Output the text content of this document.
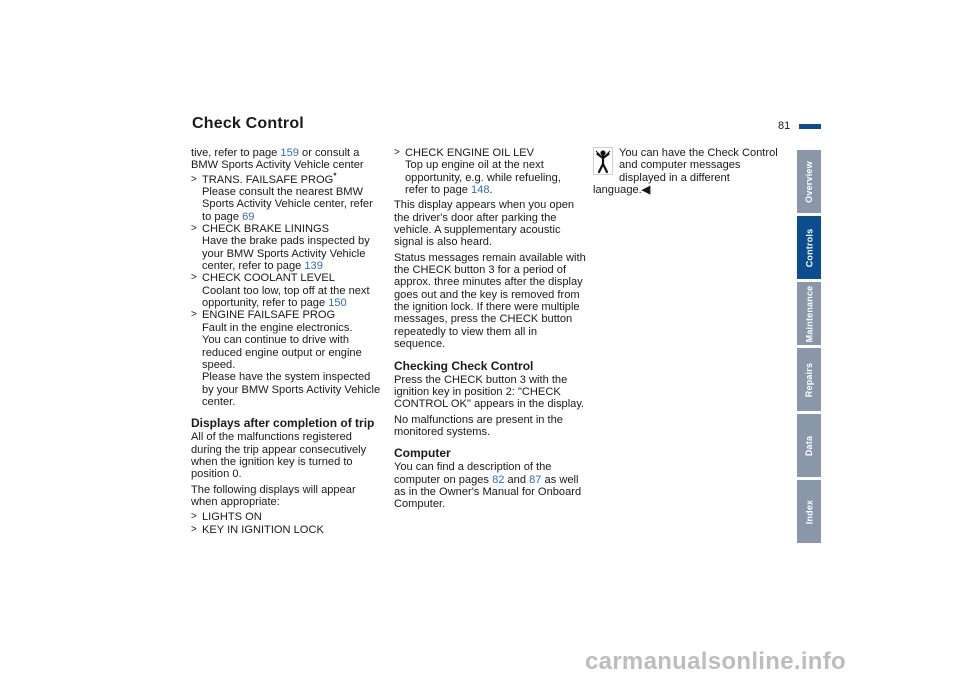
Check Control	81

tive, refer to page 159 or consult a BMW Sports Activity Vehicle center

> TRANS. FAILSAFE PROG*
Please consult the nearest BMW Sports Activity Vehicle center, refer to page 69
> CHECK BRAKE LININGS
Have the brake pads inspected by your BMW Sports Activity Vehicle center, refer to page 139
> CHECK COOLANT LEVEL
Coolant too low, top off at the next opportunity, refer to page 150
> ENGINE FAILSAFE PROG
Fault in the engine electronics.
You can continue to drive with reduced engine output or engine speed.
Please have the system inspected by your BMW Sports Activity Vehicle center.
Displays after completion of trip

All of the malfunctions registered during the trip appear consecutively when the ignition key is turned to position 0.

The following displays will appear when appropriate:

> LIGHTS ON
> KEY IN IGNITION LOCK
> CHECK ENGINE OIL LEV
Top up engine oil at the next opportunity, e.g. while refueling, refer to page 148.

This display appears when you open the driver's door after parking the vehicle. A supplementary acoustic signal is also heard.

Status messages remain available with the CHECK button 3 for a period of approx. three minutes after the display goes out and the key is removed from the ignition lock. If there were multiple messages, press the CHECK button repeatedly to view them all in sequence.

Checking Check Control

Press the CHECK button 3 with the ignition key in position 2: "CHECK CONTROL OK" appears in the display.

No malfunctions are present in the monitored systems.

Computer

You can find a description of the computer on pages 82 and 87 as well as in the Owner's Manual for Onboard Computer.

You can have the Check Control and computer messages displayed in a different language.◀	Overview
Controls
Maintenance
Repairs
Data
Index
carmanualsonline.info
